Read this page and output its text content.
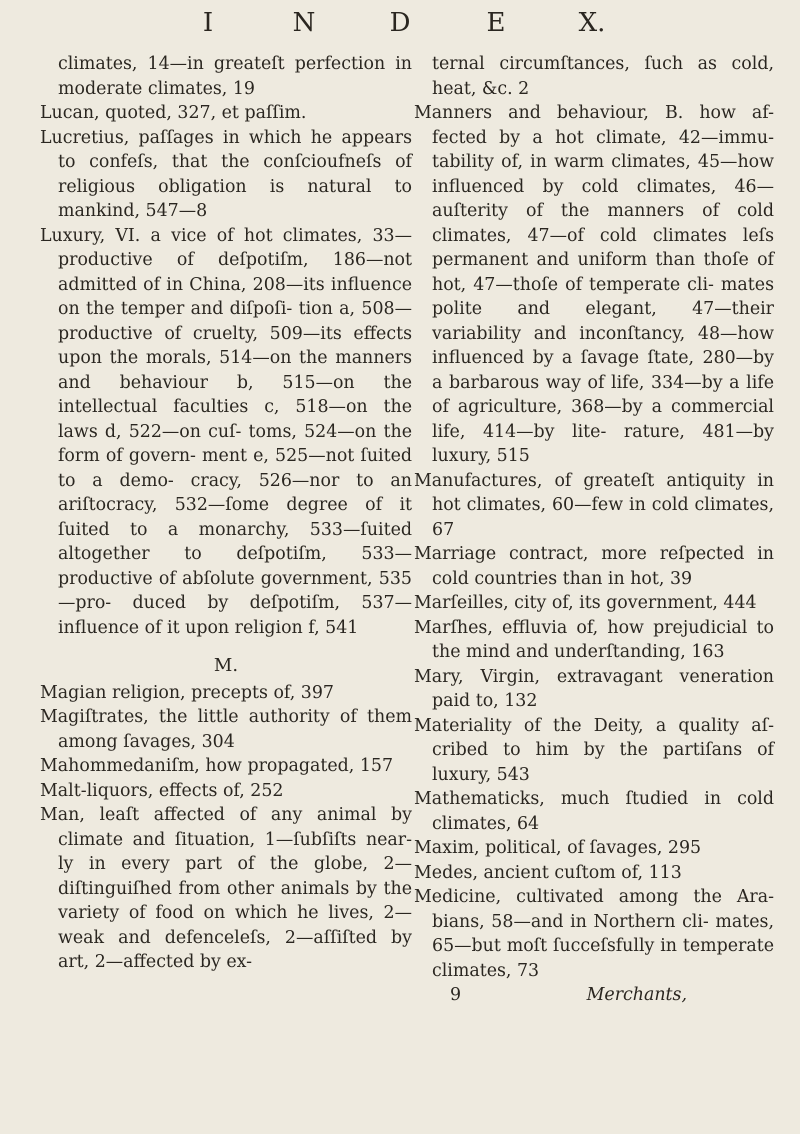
I	N	D	E	X.

climates, 14—in greateſt perfection in moderate climates, 19

Lucan, quoted, 327, et paſſim.

Lucretius, paſſages in which he appears to confeſs, that the conſcioufneſs of religious obligation is natural to mankind, 547—8

Luxury, VI. a vice of hot climates, 33—productive of deſpotiſm, 186—not admitted of in China, 208—its influence on the temper and diſpoſi- tion a, 508—productive of cruelty, 509—its effects upon the morals, 514—on the manners and behaviour b, 515—on the intellectual faculties c, 518—on the laws d, 522—on cuſ- toms, 524—on the form of govern- ment e, 525—not ſuited to a demo- cracy, 526—nor to an ariſtocracy, 532—ſome degree of it ſuited to a monarchy, 533—ſuited altogether to deſpotiſm, 533—productive of abſolute government, 535—pro- duced by deſpotiſm, 537—influence of it upon religion f, 541

M.

Magian religion, precepts of, 397

Magiſtrates, the little authority of them among ſavages, 304

Mahommedaniſm, how propagated, 157

Malt-liquors, effects of, 252

Man, leaſt affected of any animal by climate and ſituation, 1—ſubſiſts near- ly in every part of the globe, 2—diſtinguiſhed from other animals by the variety of food on which he lives, 2—weak and defenceleſs, 2—aſſiſted by art, 2—affected by ex-

ternal circumſtances, ſuch as cold, heat, &c. 2

Manners and behaviour, B. how af- fected by a hot climate, 42—immu- tability of, in warm climates, 45—how influenced by cold climates, 46—auſterity of the manners of cold climates, 47—of cold climates leſs permanent and uniform than thoſe of hot, 47—thoſe of temperate cli- mates polite and elegant, 47—their variability and inconſtancy, 48—how influenced by a ſavage ſtate, 280—by a barbarous way of life, 334—by a life of agriculture, 368—by a commercial life, 414—by lite- rature, 481—by luxury, 515

Manufactures, of greateſt antiquity in hot climates, 60—few in cold climates, 67

Marriage contract, more reſpected in cold countries than in hot, 39

Marſeilles, city of, its government, 444

Marſhes, effluvia of, how prejudicial to the mind and underſtanding, 163

Mary, Virgin, extravagant veneration paid to, 132

Materiality of the Deity, a quality aſ- cribed to him by the partiſans of luxury, 543

Mathematicks, much ſtudied in cold climates, 64

Maxim, political, of ſavages, 295

Medes, ancient cuſtom of, 113

Medicine, cultivated among the Ara- bians, 58—and in Northern cli- mates, 65—but moſt ſucceſsfully in temperate climates, 73

9	Merchants,
